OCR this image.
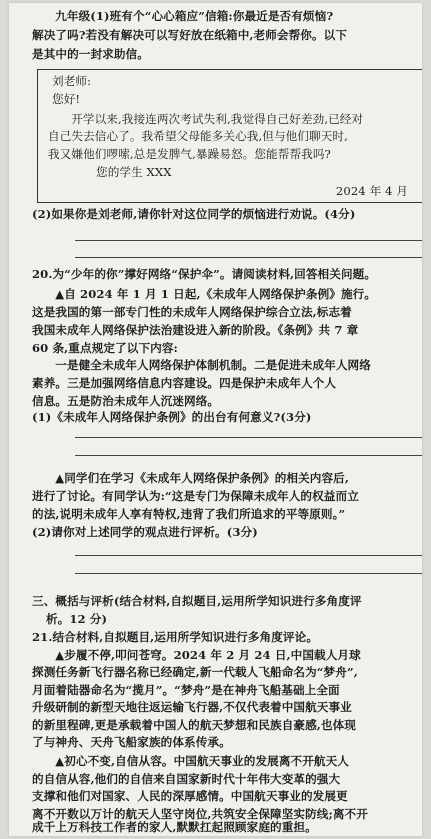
九年级(1)班有个“心心箱应”信箱:你最近是否有烦恼?

解决了吗?若没有解决可以写好放在纸箱中,老师会帮你。以下

是其中的一封求助信。

刘老师:

您好!

开学以来,我接连两次考试失利,我觉得自己好差劲,已经对

自己失去信心了。我希望父母能多关心我,但与他们聊天时,

我又嫌他们啰嗦,总是发脾气,暴躁易怒。您能帮帮我吗?

您的学生 XXX

2024 年 4 月

(2)如果你是刘老师,请你针对这位同学的烦恼进行劝说。(4分)

20.为“少年的你”撑好网络“保护伞”。请阅读材料,回答相关问题。

▲自 2024 年 1 月 1 日起,《未成年人网络保护条例》施行。

这是我国的第一部专门性的未成年人网络保护综合立法,标志着

我国未成年人网络保护法治建设进入新的阶段。《条例》共 7 章

60 条,重点规定了以下内容:

一是健全未成年人网络保护体制机制。二是促进未成年人网络

素养。三是加强网络信息内容建设。四是保护未成年人个人

信息。五是防治未成年人沉迷网络。

(1)《未成年人网络保护条例》的出台有何意义?(3分)

▲同学们在学习《未成年人网络保护条例》的相关内容后,

进行了讨论。有同学认为:“这是专门为保障未成年人的权益而立

的法,说明未成年人享有特权,违背了我们所追求的平等原则。”

(2)请你对上述同学的观点进行评析。(3分)

三、概括与评析(结合材料,自拟题目,运用所学知识进行多角度评

析。12 分)

21.结合材料,自拟题目,运用所学知识进行多角度评论。

▲步履不停,叩问苍穹。2024 年 2 月 24 日,中国载人月球

探测任务新飞行器名称已经确定,新一代载人飞船命名为“梦舟”,

月面着陆器命名为“揽月”。“梦舟”是在神舟飞船基础上全面

升级研制的新型天地往返运输飞行器,不仅代表着中国航天事业

的新里程碑,更是承载着中国人的航天梦想和民族自豪感,也体现

了与神舟、天舟飞船家族的体系传承。

▲初心不变,自信从容。中国航天事业的发展离不开航天人

的自信从容,他们的自信来自国家新时代十年伟大变革的强大

支撑和他们对国家、人民的深厚感情。中国航天事业的发展更

离不开数以万计的航天人坚守岗位,共筑安全保障坚实防线;离不开

成千上万科技工作者的家人,默默扛起照顾家庭的重担。
